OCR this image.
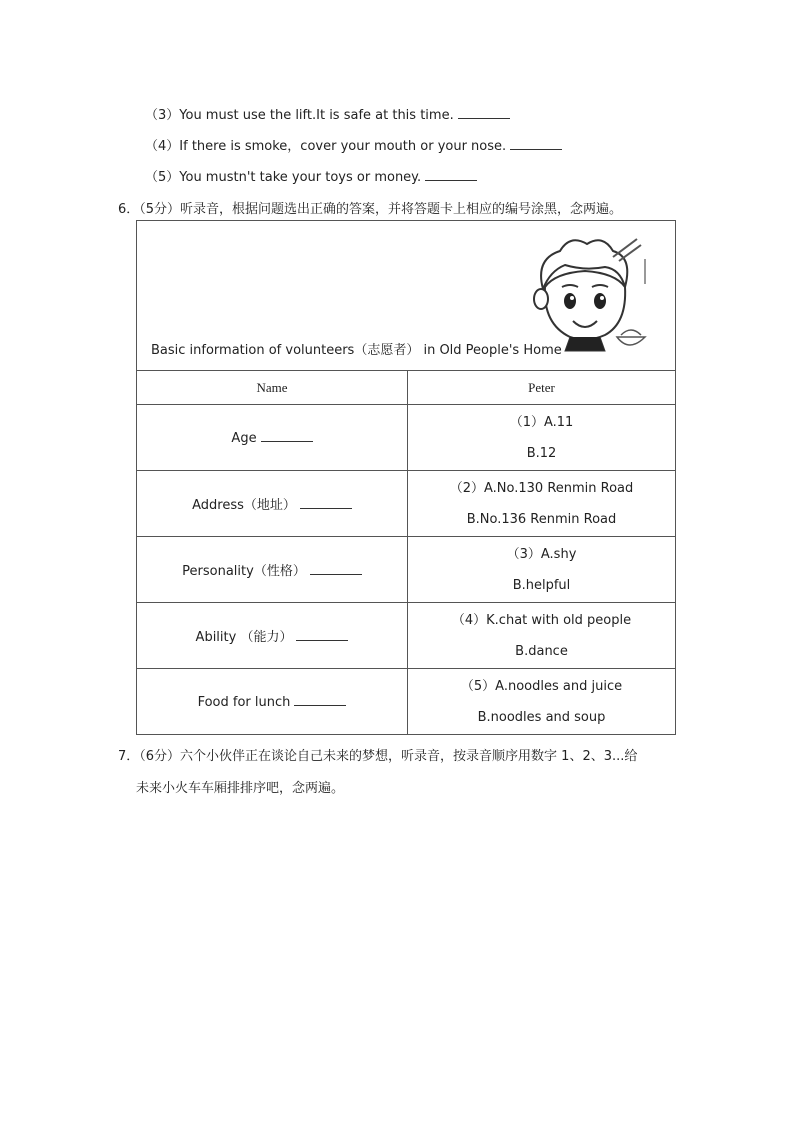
（3）You must use the lift.It is safe at this time.
（4）If there is smoke，cover your mouth or your nose.
（5）You mustn't take your toys or money.
6．（5分）听录音，根据问题选出正确的答案，并将答题卡上相应的编号涂黑，念两遍。
Basic information of volunteers（志愿者） in Old People's Home	

Name	Peter
Age	（1）A.11
B.12

Address（地址）	（2）A.No.130 Renmin Road
B.No.136 Renmin Road

Personality（性格）	（3）A.shy
B.helpful

Ability （能力）	（4）K.chat with old people
B.dance

Food for lunch	（5）A.noodles and juice
B.noodles and soup
7．（6分）六个小伙伴正在谈论自己未来的梦想，听录音，按录音顺序用数字 1、2、3...给
未来小火车车厢排排序吧，念两遍。
